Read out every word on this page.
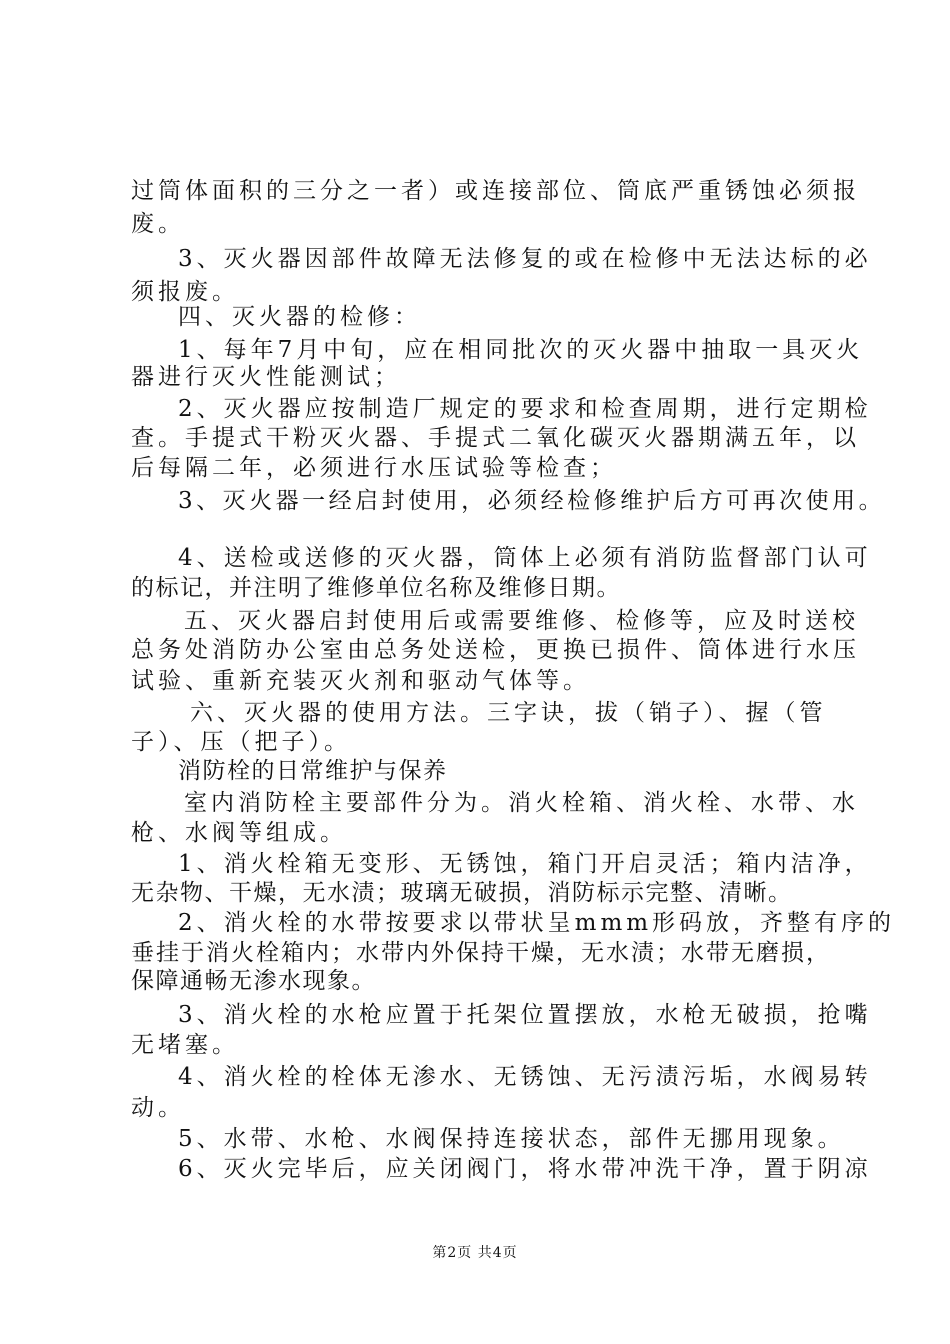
过筒体面积的三分之一者）或连接部位、筒底严重锈蚀必须报
废。
3、灭火器因部件故障无法修复的或在检修中无法达标的必
须报废。
四、灭火器的检修：
1、每年7月中旬，应在相同批次的灭火器中抽取一具灭火
器进行灭火性能测试；
2、灭火器应按制造厂规定的要求和检查周期，进行定期检
查。手提式干粉灭火器、手提式二氧化碳灭火器期满五年，以
后每隔二年，必须进行水压试验等检查；
3、灭火器一经启封使用，必须经检修维护后方可再次使用。
4、送检或送修的灭火器，筒体上必须有消防监督部门认可
的标记，并注明了维修单位名称及维修日期。
五、灭火器启封使用后或需要维修、检修等，应及时送校
总务处消防办公室由总务处送检，更换已损件、筒体进行水压
试验、重新充装灭火剂和驱动气体等。
六、灭火器的使用方法。三字诀，拔（销子）、握（管
子）、压（把子）。
消防栓的日常维护与保养
室内消防栓主要部件分为。消火栓箱、消火栓、水带、水
枪、水阀等组成。
1、消火栓箱无变形、无锈蚀，箱门开启灵活；箱内洁净，
无杂物、干燥，无水渍；玻璃无破损，消防标示完整、清晰。
2、消火栓的水带按要求以带状呈mmm形码放，齐整有序的
垂挂于消火栓箱内；水带内外保持干燥，无水渍；水带无磨损，
保障通畅无渗水现象。
3、消火栓的水枪应置于托架位置摆放，水枪无破损，抢嘴
无堵塞。
4、消火栓的栓体无渗水、无锈蚀、无污渍污垢，水阀易转
动。
5、水带、水枪、水阀保持连接状态，部件无挪用现象。
6、灭火完毕后，应关闭阀门，将水带冲洗干净，置于阴凉
第2页 共4页
